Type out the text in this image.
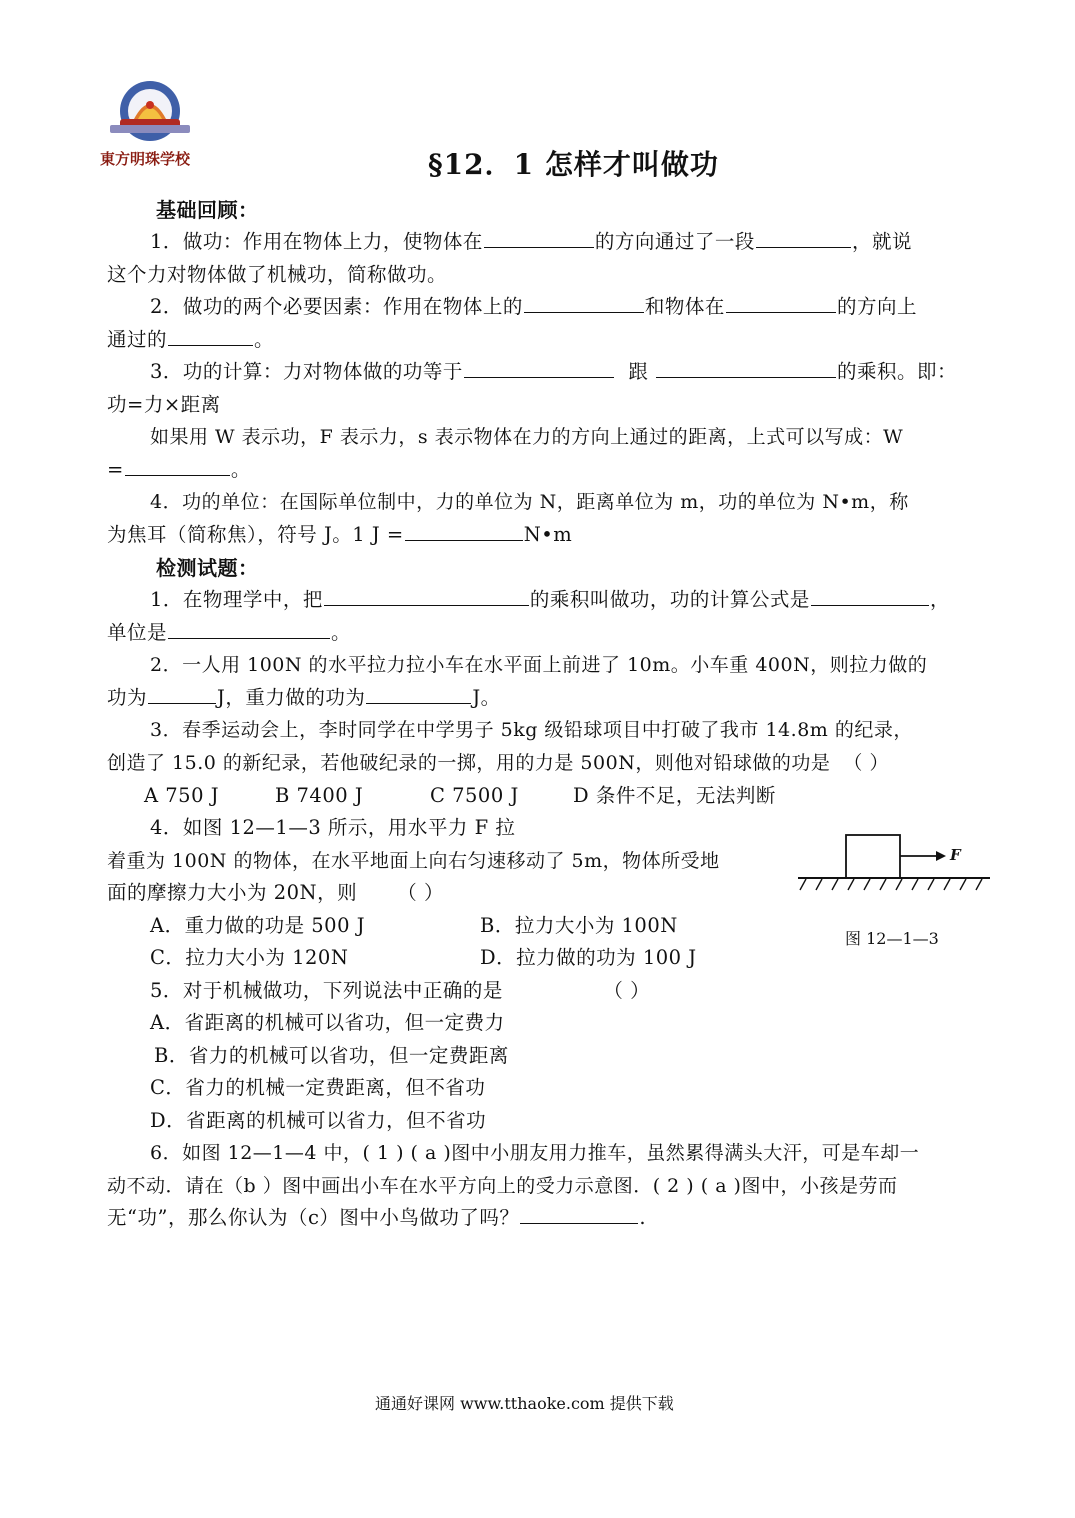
東方明珠学校	§12．1 怎样才叫做功
基础回顾：
1．做功：作用在物体上力，使物体在	的方向通过了一段	，就说
这个力对物体做了机械功，简称做功。
2．做功的两个必要因素：作用在物体上的	和物体在	的方向上
通过的	。
3．功的计算：力对物体做的功等于	跟	的乘积。即：
功=力×距离
如果用 W 表示功，F 表示力，s 表示物体在力的方向上通过的距离，上式可以写成：W
=	。
4．功的单位：在国际单位制中，力的单位为 N，距离单位为 m，功的单位为 N•m，称
为焦耳（简称焦），符号 J。1 J =	N•m
检测试题：
1．在物理学中，把	的乘积叫做功，功的计算公式是	，
单位是	。
2．一人用 100N 的水平拉力拉小车在水平面上前进了 10m。小车重 400N，则拉力做的
功为	J，重力做的功为	J。
3．春季运动会上，李时同学在中学男子 5kg 级铅球项目中打破了我市 14.8m 的纪录，
创造了 15.0 的新纪录，若他破纪录的一掷，用的力是 500N，则他对铅球做的功是 （ ）
A 750 J	B 7400 J	C 7500 J	D 条件不足，无法判断
4．如图 12—1—3 所示，用水平力 F 拉
着重为 100N 的物体，在水平地面上向右匀速移动了 5m，物体所受地
面的摩擦力大小为 20N，则 （ ）
A．重力做的功是 500 J	B．拉力大小为 100N
C．拉力大小为 120N	D．拉力做的功为 100 J
F
图 12—1—3
5．对于机械做功，下列说法中正确的是	（ ）
A．省距离的机械可以省功，但一定费力
B．省力的机械可以省功，但一定费距离
C．省力的机械一定费距离，但不省功
D．省距离的机械可以省力，但不省功
6．如图 12—1—4 中，( 1 ) ( a )图中小朋友用力推车，虽然累得满头大汗，可是车却一
动不动．请在（b ）图中画出小车在水平方向上的受力示意图．( 2 ) ( a )图中，小孩是劳而
无“功”，那么你认为（c）图中小鸟做功了吗？	.
通通好课网 www.tthaoke.com 提供下载
